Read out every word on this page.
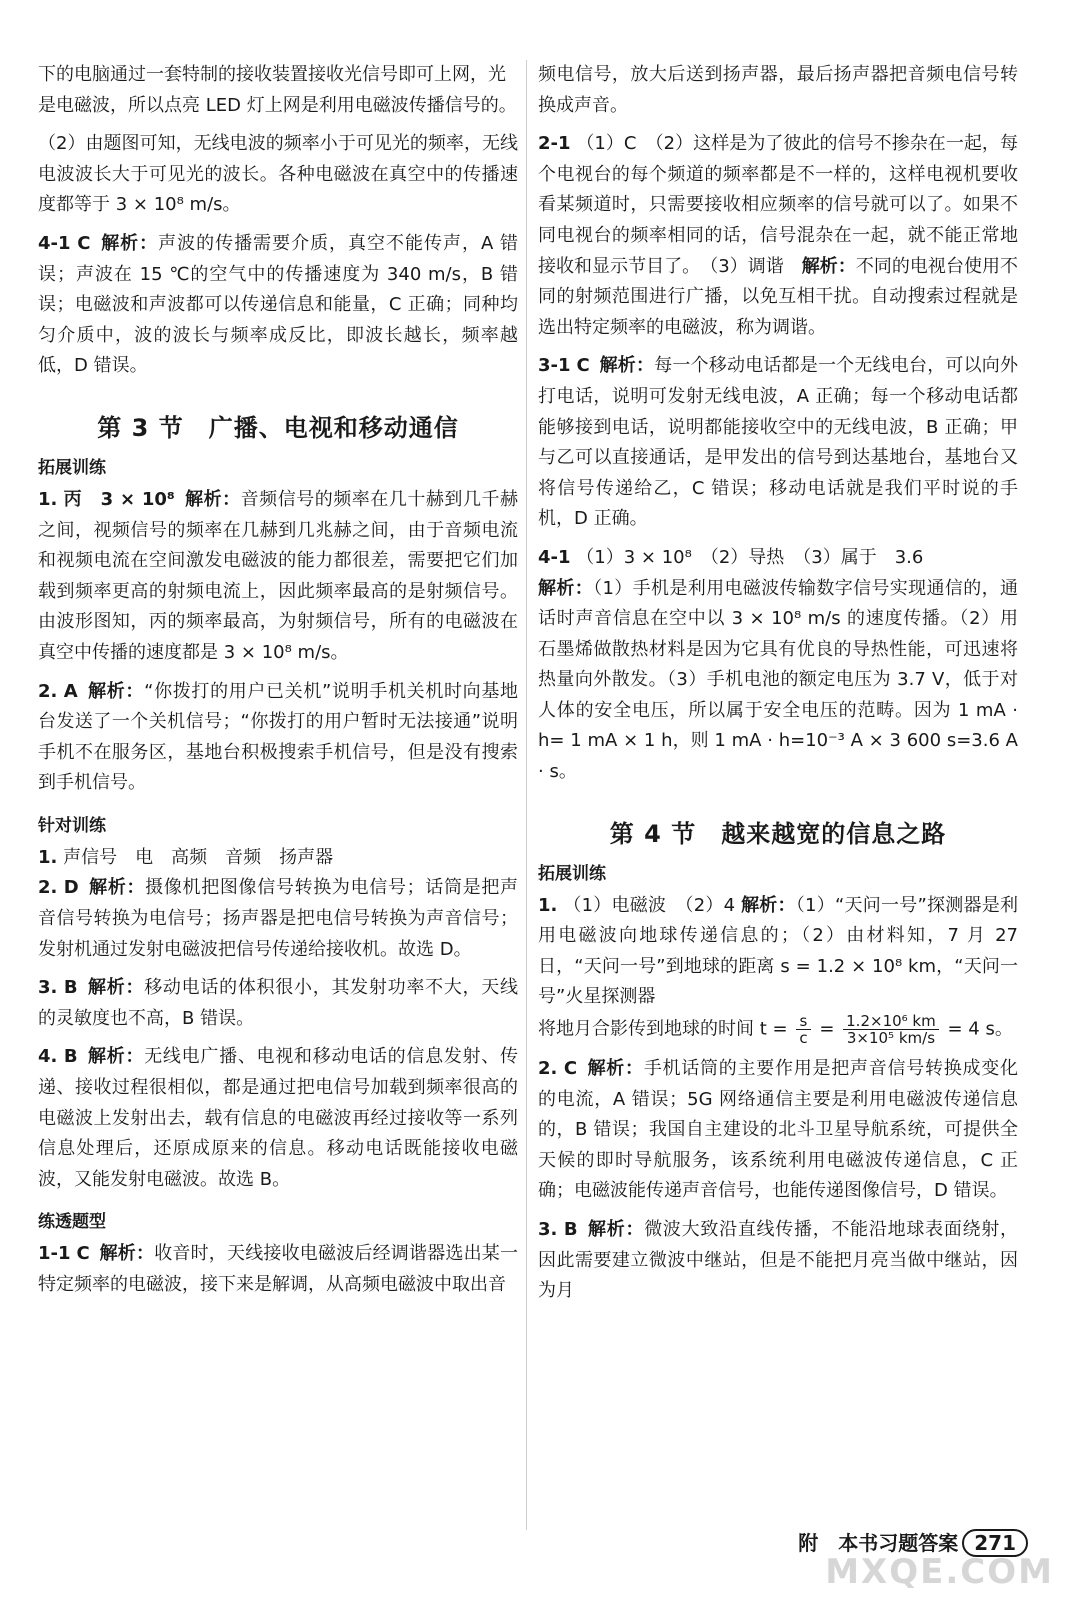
下的电脑通过一套特制的接收装置接收光信号即可上网，光

是电磁波，所以点亮 LED 灯上网是利用电磁波传播信号的。

（2）由题图可知，无线电波的频率小于可见光的频率，无线电波波长大于可见光的波长。各种电磁波在真空中的传播速度都等于 3 × 10⁸ m/s。

4-1 C 解析：声波的传播需要介质，真空不能传声，A 错误；声波在 15 ℃的空气中的传播速度为 340 m/s，B 错误；电磁波和声波都可以传递信息和能量，C 正确；同种均匀介质中，波的波长与频率成反比，即波长越长，频率越低，D 错误。

第 3 节　广播、电视和移动通信
拓展训练

1. 丙　3 × 10⁸ 解析：音频信号的频率在几十赫到几千赫之间，视频信号的频率在几赫到几兆赫之间，由于音频电流和视频电流在空间激发电磁波的能力都很差，需要把它们加载到频率更高的射频电流上，因此频率最高的是射频信号。由波形图知，丙的频率最高，为射频信号，所有的电磁波在真空中传播的速度都是 3 × 10⁸ m/s。

2. A 解析：“你拨打的用户已关机”说明手机关机时向基地台发送了一个关机信号；“你拨打的用户暂时无法接通”说明手机不在服务区，基地台积极搜索手机信号，但是没有搜索到手机信号。

针对训练

1. 声信号　电　高频　音频　扬声器

2. D 解析：摄像机把图像信号转换为电信号；话筒是把声音信号转换为电信号；扬声器是把电信号转换为声音信号；发射机通过发射电磁波把信号传递给接收机。故选 D。

3. B 解析：移动电话的体积很小，其发射功率不大，天线的灵敏度也不高，B 错误。

4. B 解析：无线电广播、电视和移动电话的信息发射、传递、接收过程很相似，都是通过把电信号加载到频率很高的电磁波上发射出去，载有信息的电磁波再经过接收等一系列信息处理后，还原成原来的信息。移动电话既能接收电磁波，又能发射电磁波。故选 B。

练透题型

1-1 C 解析：收音时，天线接收电磁波后经调谐器选出某一特定频率的电磁波，接下来是解调，从高频电磁波中取出音

频电信号，放大后送到扬声器，最后扬声器把音频电信号转换成声音。

2-1 （1）C　（2）这样是为了彼此的信号不掺杂在一起，每个电视台的每个频道的频率都是不一样的，这样电视机要收看某频道时，只需要接收相应频率的信号就可以了。如果不同电视台的频率相同的话，信号混杂在一起，就不能正常地接收和显示节目了。　（3）调谐　解析：不同的电视台使用不同的射频范围进行广播，以免互相干扰。自动搜索过程就是选出特定频率的电磁波，称为调谐。

3-1 C 解析：每一个移动电话都是一个无线电台，可以向外打电话，说明可发射无线电波，A 正确；每一个移动电话都能够接到电话，说明都能接收空中的无线电波，B 正确；甲与乙可以直接通话，是甲发出的信号到达基地台，基地台又将信号传递给乙，C 错误；移动电话就是我们平时说的手机，D 正确。

4-1 （1）3 × 10⁸　（2）导热　（3）属于　3.6

解析：（1）手机是利用电磁波传输数字信号实现通信的，通话时声音信息在空中以 3 × 10⁸ m/s 的速度传播。（2）用石墨烯做散热材料是因为它具有优良的导热性能，可迅速将热量向外散发。（3）手机电池的额定电压为 3.7 V，低于对人体的安全电压，所以属于安全电压的范畴。因为 1 mA · h= 1 mA × 1 h，则 1 mA · h=10⁻³ A × 3 600 s=3.6 A · s。

第 4 节　越来越宽的信息之路
拓展训练

1. （1）电磁波　（2）4 解析：（1）“天问一号”探测器是利用电磁波向地球传递信息的；（2）由材料知，7 月 27 日，“天问一号”到地球的距离 s = 1.2 × 10⁸ km，“天问一号”火星探测器

将地月合影传到地球的时间 $t = \frac{s}{c} = \frac{\text{1.2×10⁶ km}}{\text{3×10⁵ km/s}} = 4$ s。

2. C 解析：手机话筒的主要作用是把声音信号转换成变化的电流，A 错误；5G 网络通信主要是利用电磁波传递信息的，B 错误；我国自主建设的北斗卫星导航系统，可提供全天候的即时导航服务，该系统利用电磁波传递信息，C 正确；电磁波能传递声音信号，也能传递图像信号，D 错误。

3. B 解析：微波大致沿直线传播，不能沿地球表面绕射，因此需要建立微波中继站，但是不能把月亮当做中继站，因为月

附　本书习题答案 271
MXQE.COM
